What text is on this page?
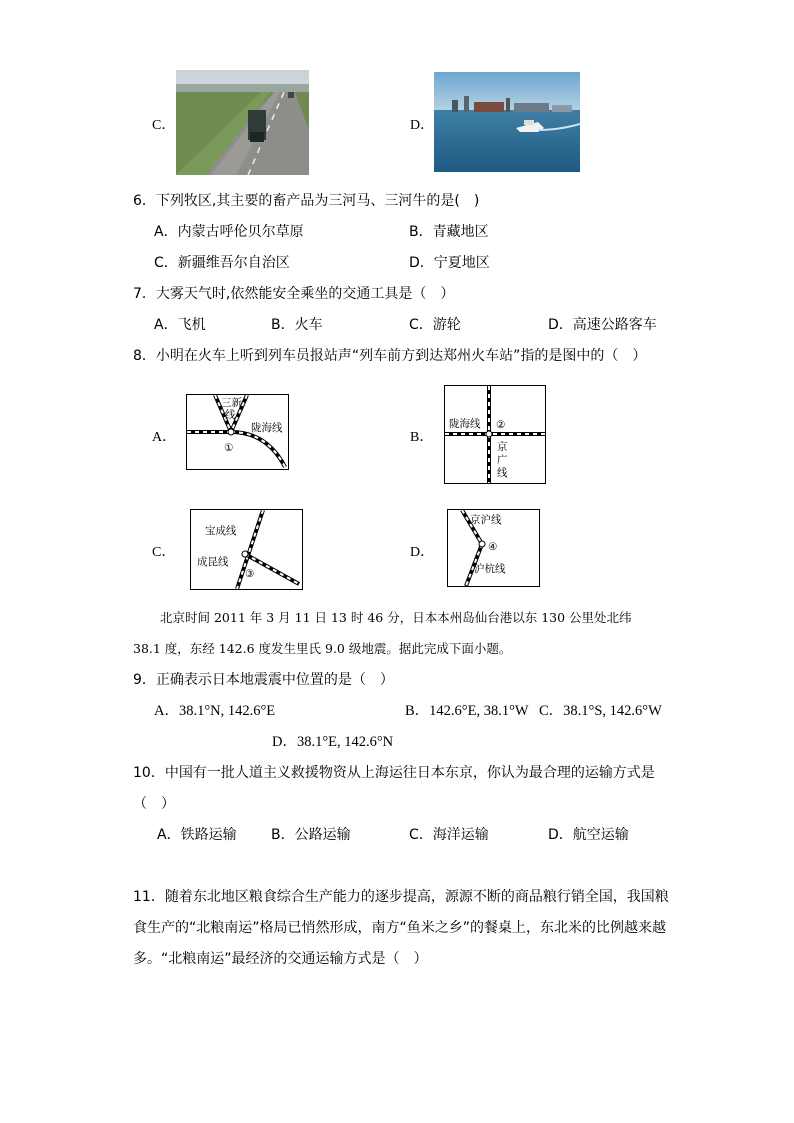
C．	D．
6．下列牧区,其主要的畜产品为三河马、三河牛的是(　)
A．内蒙古呼伦贝尔草原	B．青藏地区
C．新疆维吾尔自治区	D．宁夏地区
7．大雾天气时,依然能安全乘坐的交通工具是（　）
A．飞机	B．火车	C．游轮	D．高速公路客车
8．小明在火车上听到列车员报站声“列车前方到达郑州火车站”指的是图中的（　）
A．
三新
线
陇海线
①
B．
陇海线 ②
京
广
线
C．
宝成线
成昆线
③
D．
京沪线
④
沪杭线
北京时间 2011 年 3 月 11 日 13 时 46 分，日本本州岛仙台港以东 130 公里处北纬
38.1 度，东经 142.6 度发生里氏 9.0 级地震。据此完成下面小题。
9．正确表示日本地震震中位置的是（　）
A．38.1°N, 142.6°E	B．142.6°E, 38.1°W C．38.1°S, 142.6°W
D．38.1°E, 142.6°N
10．中国有一批人道主义救援物资从上海运往日本东京，你认为最合理的运输方式是
（　）
A．铁路运输 B．公路运输	C．海洋运输	D．航空运输
11．随着东北地区粮食综合生产能力的逐步提高，源源不断的商品粮行销全国，我国粮
食生产的“北粮南运”格局已悄然形成，南方“鱼米之乡”的餐桌上，东北米的比例越来越
多。“北粮南运”最经济的交通运输方式是（　）
